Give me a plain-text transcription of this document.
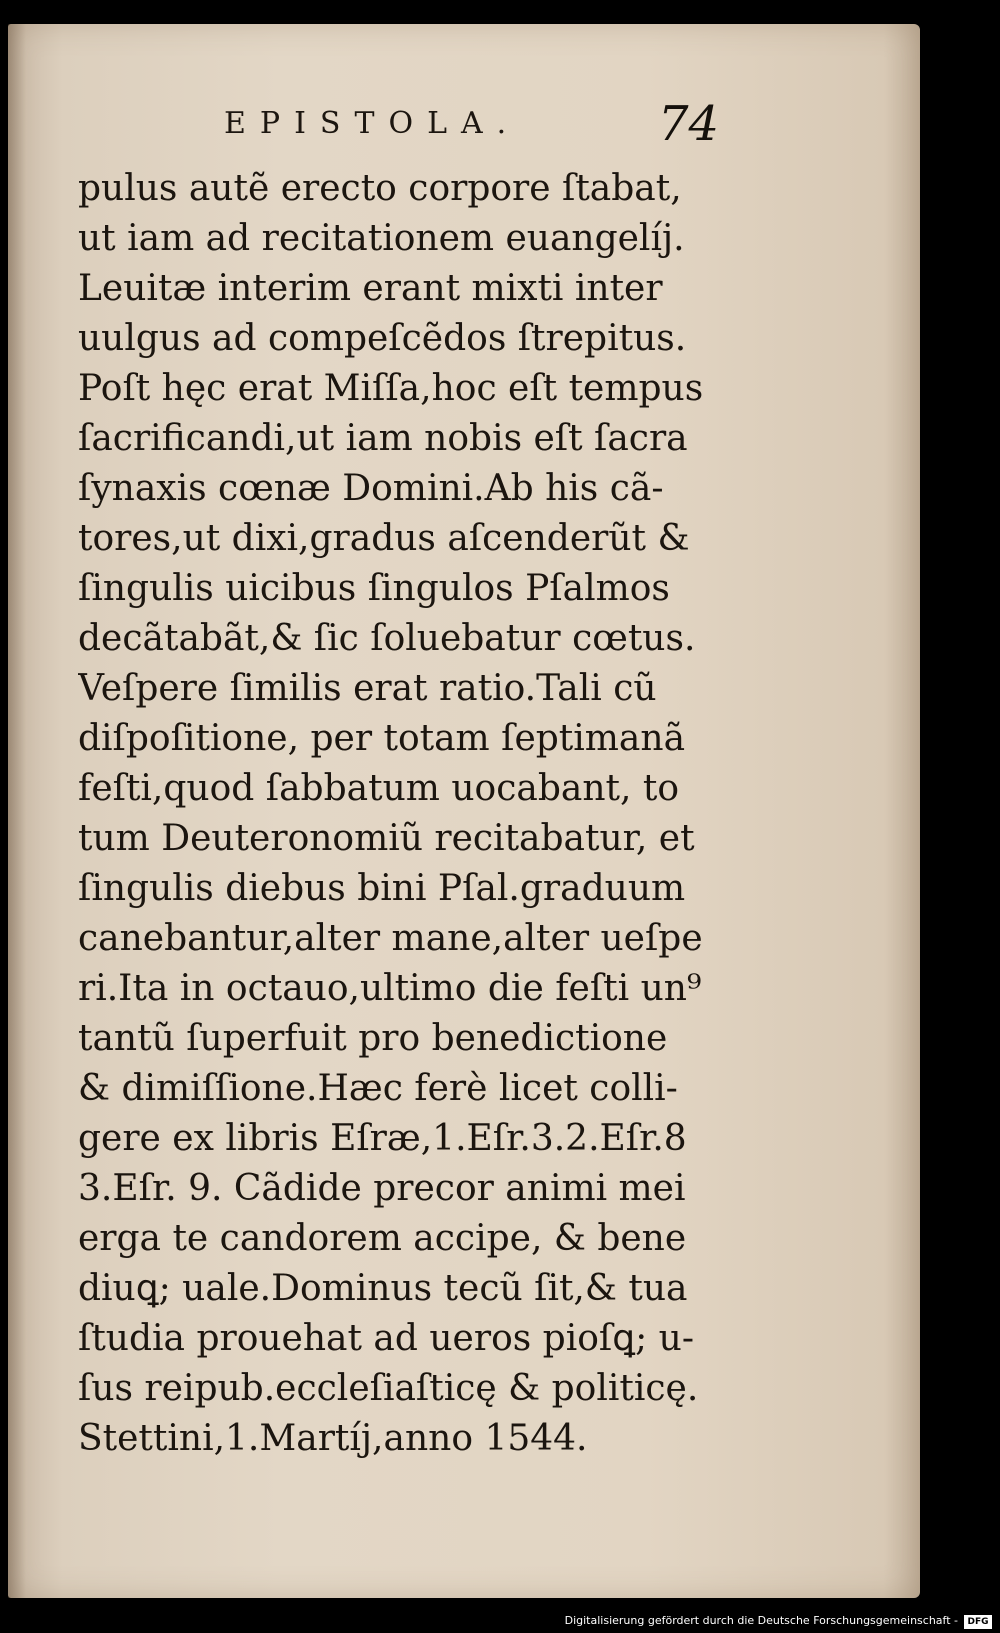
EPISTOLA.	74
pulus autẽ erecto corpore ſtabat,
ut iam ad recitationem euangelíj.
Leuitæ interim erant mixti inter
uulgus ad compeſcẽdos ſtrepitus.
Poſt hęc erat Miſſa,hoc eſt tempus
ſacrificandi,ut iam nobis eſt ſacra
ſynaxis cœnæ Domini.Ab his cã-
tores,ut dixi,gradus aſcenderũt &
ſingulis uicibus ſingulos Pſalmos
decãtabãt,& ſic ſoluebatur cœtus.
Veſpere ſimilis erat ratio.Tali cũ
diſpoſitione, per totam ſeptimanã
feſti,quod ſabbatum uocabant, to
tum Deuteronomiũ recitabatur, et
ſingulis diebus bini Pſal.graduum
canebantur,alter mane,alter ueſpe
ri.Ita in octauo,ultimo die feſti un⁹
tantũ ſuperfuit pro benedictione
& dimiſſione.Hæc ferè licet colli-
gere ex libris Eſræ,1.Eſr.3.2.Eſr.8
3.Eſr. 9. Cãdide precor animi mei
erga te candorem accipe, & bene
diuꝗ; uale.Dominus tecũ ſit,& tua
ſtudia prouehat ad ueros pioſꝗ; u-
ſus reipub.eccleſiaſticę & politicę.
Stettini,1.Martíj,anno 1544.
Digitalisierung gefördert durch die Deutsche Forschungsgemeinschaft -	DFG
